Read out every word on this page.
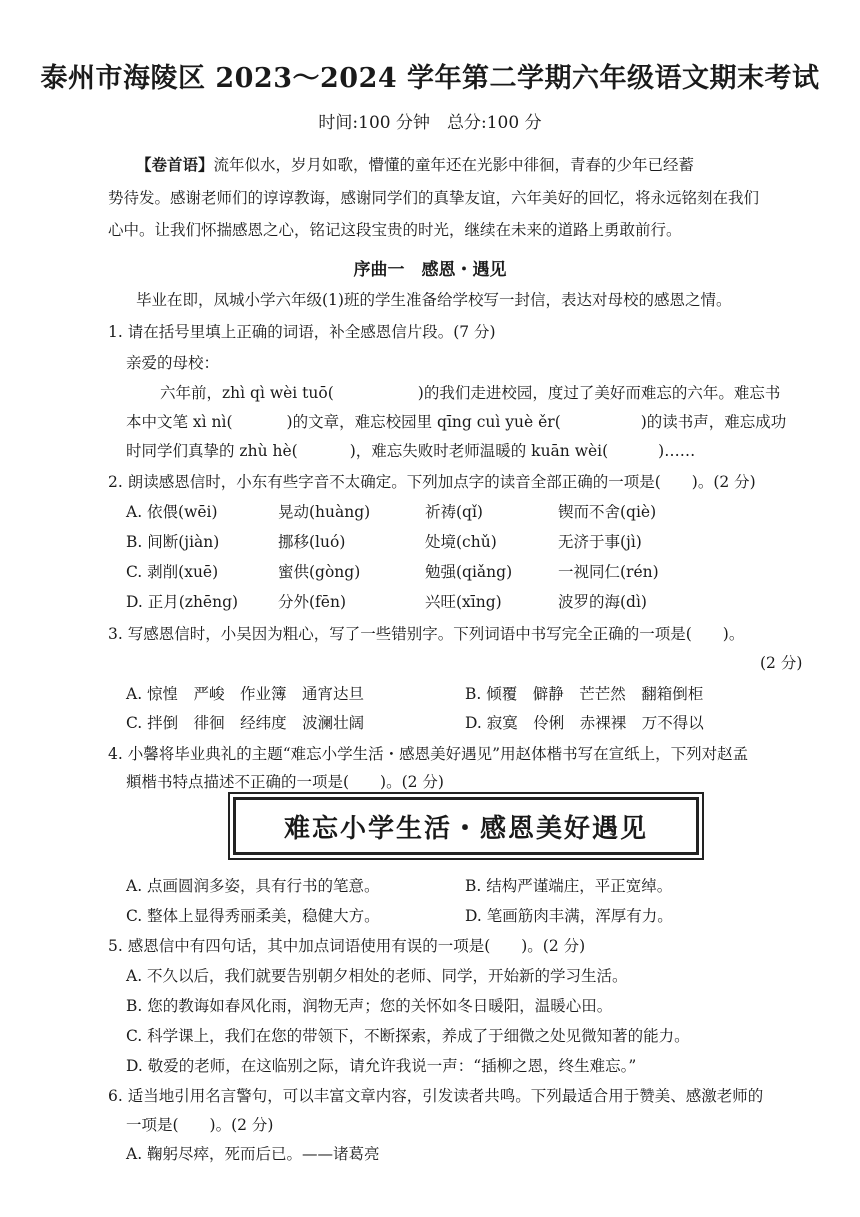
泰州市海陵区 2023～2024 学年第二学期六年级语文期末考试
时间:100 分钟　总分:100 分
【卷首语】流年似水，岁月如歌，懵懂的童年还在光影中徘徊，青春的少年已经蓄
势待发。感谢老师们的谆谆教诲，感谢同学们的真挚友谊，六年美好的回忆，将永远铭刻在我们
心中。让我们怀揣感恩之心，铭记这段宝贵的时光，继续在未来的道路上勇敢前行。
序曲一　感恩・遇见
毕业在即，凤城小学六年级(1)班的学生准备给学校写一封信，表达对母校的感恩之情。
1. 请在括号里填上正确的词语，补全感恩信片段。(7 分)
亲爱的母校：
六年前，zhì qì wèi tuō(	)的我们走进校园，度过了美好而难忘的六年。难忘书
本中文笔 xì nì(	)的文章，难忘校园里 qīng cuì yuè ěr(	)的读书声，难忘成功
时同学们真挚的 zhù hè(	)，难忘失败时老师温暖的 kuān wèi(	)……
2. 朗读感恩信时，小东有些字音不太确定。下列加点字的读音全部正确的一项是(　　)。(2 分)
A. 依偎(wēi)	晃动(huàng)	祈祷(qǐ)	锲而不舍(qiè)
B. 间断(jiàn)	挪移(luó)	处境(chǔ)	无济于事(jì)
C. 剥削(xuē)	蜜供(gòng)	勉强(qiǎng)	一视同仁(rén)
D. 正月(zhēng)	分外(fēn)	兴旺(xīng)	波罗的海(dì)
3. 写感恩信时，小吴因为粗心，写了一些错别字。下列词语中书写完全正确的一项是(　　)。
(2 分)
A. 惊惶　严峻　作业簿　通宵达旦	B. 倾覆　僻静　芒芒然　翻箱倒柜
C. 拌倒　徘徊　经纬度　波澜壮阔	D. 寂寞　伶俐　赤裸裸　万不得以
4. 小馨将毕业典礼的主题“难忘小学生活・感恩美好遇见”用赵体楷书写在宣纸上，下列对赵孟
頫楷书特点描述不正确的一项是(　　)。(2 分)
难忘小学生活・感恩美好遇见
A. 点画圆润多姿，具有行书的笔意。	B. 结构严谨端庄，平正宽绰。
C. 整体上显得秀丽柔美，稳健大方。	D. 笔画筋肉丰满，浑厚有力。
5. 感恩信中有四句话，其中加点词语使用有误的一项是(　　)。(2 分)
A. 不久以后，我们就要告别朝夕相处的老师、同学，开始新的学习生活。
B. 您的教诲如春风化雨，润物无声；您的关怀如冬日暖阳，温暖心田。
C. 科学课上，我们在您的带领下，不断探索，养成了于细微之处见微知著的能力。
D. 敬爱的老师，在这临别之际，请允许我说一声：“插柳之恩，终生难忘。”
6. 适当地引用名言警句，可以丰富文章内容，引发读者共鸣。下列最适合用于赞美、感激老师的
一项是(　　)。(2 分)
A. 鞠躬尽瘁，死而后已。——诸葛亮
